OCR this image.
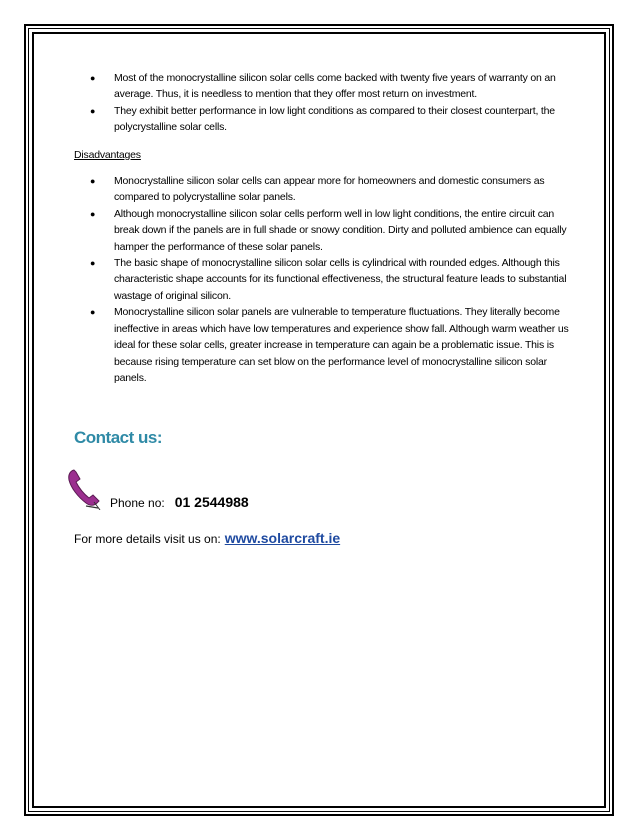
● Most of the monocrystalline silicon solar cells come backed with twenty five years of warranty on an average. Thus, it is needless to mention that they offer most return on investment.
● They exhibit better performance in low light conditions as compared to their closest counterpart, the polycrystalline solar cells.
Disadvantages
● Monocrystalline silicon solar cells can appear more for homeowners and domestic consumers as compared to polycrystalline solar panels.
● Although monocrystalline silicon solar cells perform well in low light conditions, the entire circuit can break down if the panels are in full shade or snowy condition. Dirty and polluted ambience can equally hamper the performance of these solar panels.
● The basic shape of monocrystalline silicon solar cells is cylindrical with rounded edges. Although this characteristic shape accounts for its functional effectiveness, the structural feature leads to substantial wastage of original silicon.
● Monocrystalline silicon solar panels are vulnerable to temperature fluctuations. They literally become ineffective in areas which have low temperatures and experience show fall. Although warm weather us ideal for these solar cells, greater increase in temperature can again be a problematic issue. This is because rising temperature can set blow on the performance level of monocrystalline silicon solar panels.
Contact us:
Phone no: 01 2544988
For more details visit us on: www.solarcraft.ie
